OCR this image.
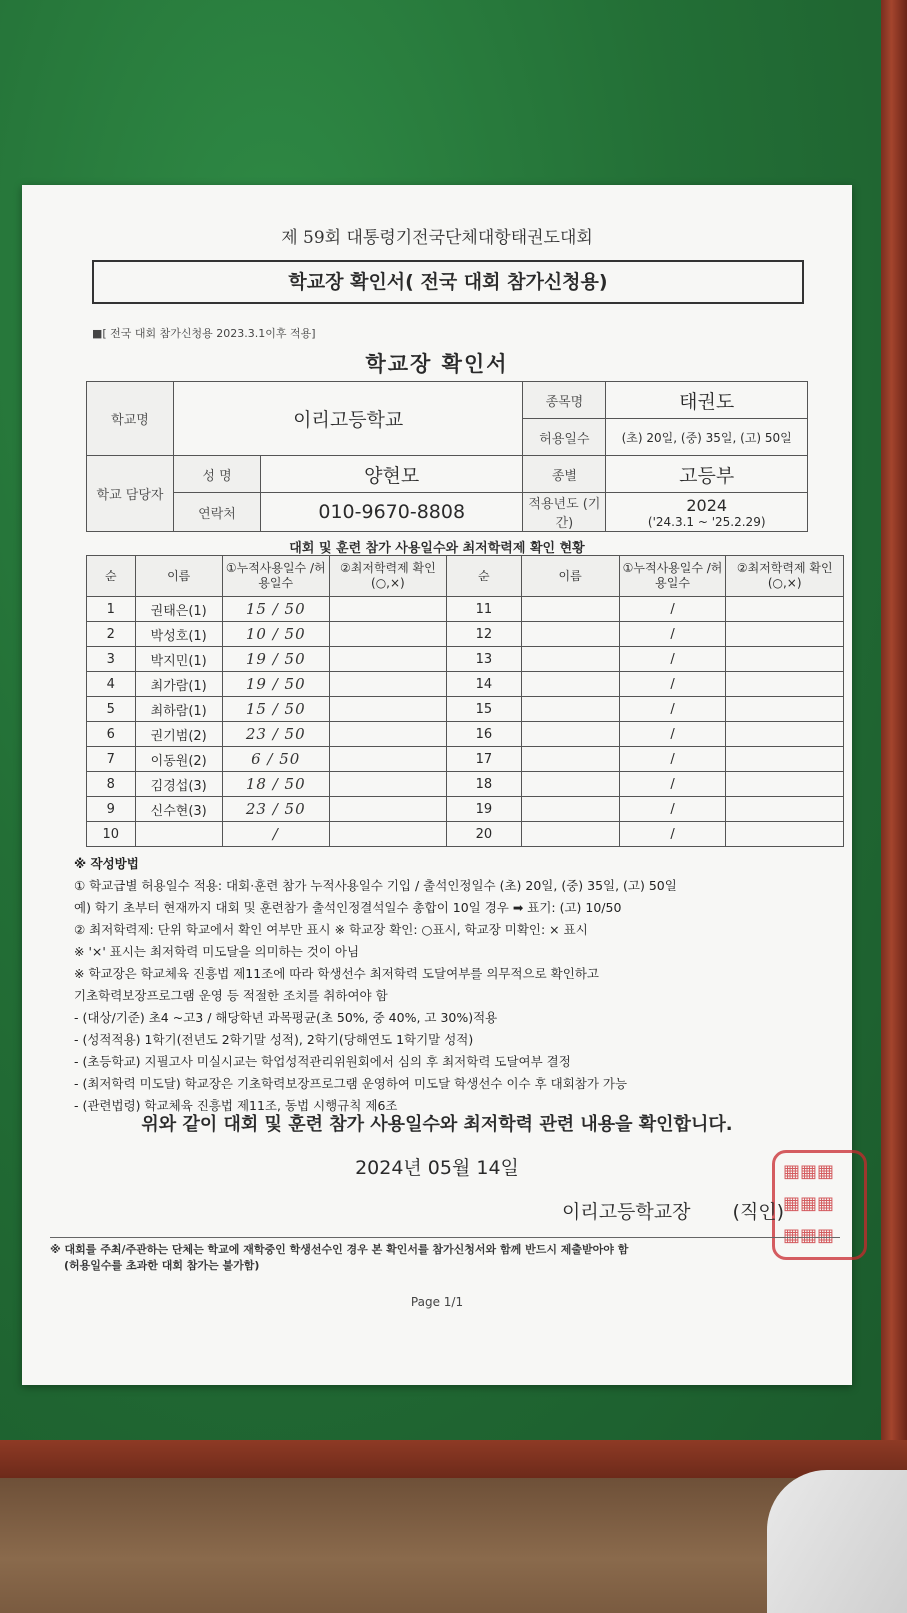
제 59회 대통령기전국단체대항태권도대회
학교장 확인서( 전국 대회 참가신청용)
■[ 전국 대회 참가신청용 2023.3.1이후 적용]
학교장 확인서
학교명	이리고등학교		종목명	태권도
			허용일수	(초) 20일, (중) 35일, (고) 50일
학교 담당자	성 명	양현모	종별	고등부
	연락처	010-9670-8808	적용년도 (기간)	2024
('24.3.1 ~ '25.2.29)
대회 및 훈련 참가 사용일수와 최저학력제 확인 현황
순	이름	①누적사용일수 /허용일수	②최저학력제 확인(○,×)	순	이름	①누적사용일수 /허용일수	②최저학력제 확인(○,×)
1	권태은(1)	15 / 50		11		/	
2	박성호(1)	10 / 50		12		/	
3	박지민(1)	19 / 50		13		/	
4	최가람(1)	19 / 50		14		/	
5	최하람(1)	15 / 50		15		/	
6	권기범(2)	23 / 50		16		/	
7	이동원(2)	6 / 50		17		/	
8	김경섭(3)	18 / 50		18		/	
9	신수현(3)	23 / 50		19		/	
10		/		20		/	
※ 작성방법
① 학교급별 허용일수 적용: 대회·훈련 참가 누적사용일수 기입 / 출석인정일수 (초) 20일, (중) 35일, (고) 50일
예) 학기 초부터 현재까지 대회 및 훈련참가 출석인정결석일수 총합이 10일 경우 ➡ 표기: (고) 10/50
② 최저학력제: 단위 학교에서 확인 여부만 표시 ※ 학교장 확인: ○표시, 학교장 미확인: × 표시
※ '×' 표시는 최저학력 미도달을 의미하는 것이 아님
※ 학교장은 학교체육 진흥법 제11조에 따라 학생선수 최저학력 도달여부를 의무적으로 확인하고
기초학력보장프로그램 운영 등 적절한 조치를 취하여야 함
- (대상/기준) 초4 ~고3 / 해당학년 과목평균(초 50%, 중 40%, 고 30%)적용
- (성적적용) 1학기(전년도 2학기말 성적), 2학기(당해연도 1학기말 성적)
- (초등학교) 지필고사 미실시교는 학업성적관리위원회에서 심의 후 최저학력 도달여부 결정
- (최저학력 미도달) 학교장은 기초학력보장프로그램 운영하여 미도달 학생선수 이수 후 대회참가 가능
- (관련법령) 학교체육 진흥법 제11조, 동법 시행규칙 제6조
위와 같이 대회 및 훈련 참가 사용일수와 최저학력 관련 내용을 확인합니다.
2024년 05월 14일	▦▦▦
▦▦▦
▦▦▦
이리고등학교장 (직인)
※ 대회를 주최/주관하는 단체는 학교에 재학중인 학생선수인 경우 본 확인서를 참가신청서와 함께 반드시 제출받아야 함
(허용일수를 초과한 대회 참가는 불가함)
Page 1/1
